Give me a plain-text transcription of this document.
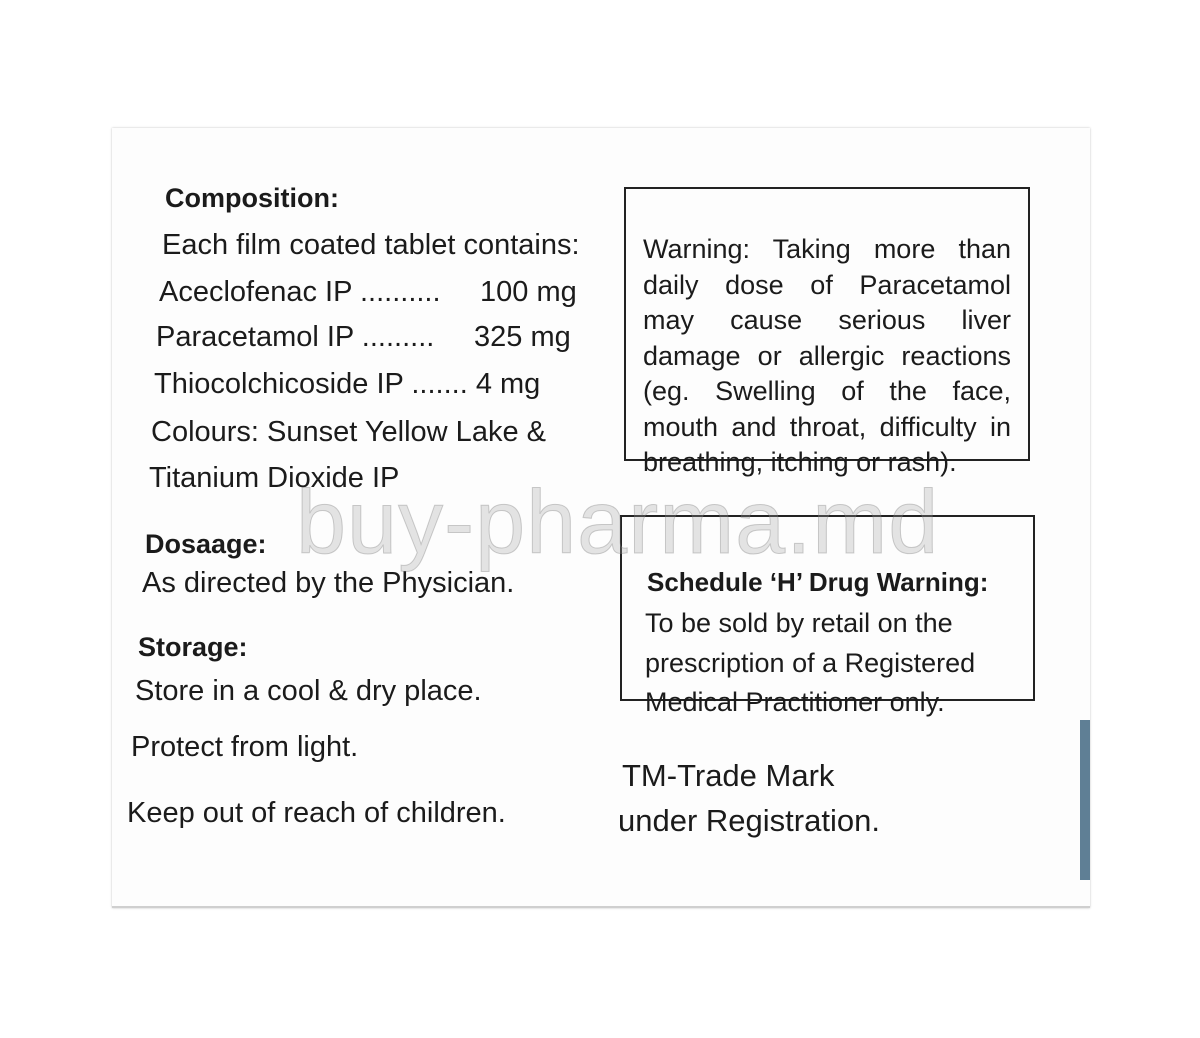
Composition:

Each film coated tablet contains:

Aceclofenac IP .......... 100 mg

Paracetamol IP ......... 325 mg

Thiocolchicoside IP ....... 4 mg

Colours: Sunset Yellow Lake &

Titanium Dioxide IP

Dosaage:

As directed by the Physician.

Storage:

Store in a cool & dry place.

Protect from light.

Keep out of reach of children.

Warning: Taking more than daily dose of Paracetamol may cause serious liver damage or allergic reactions (eg. Swelling of the face, mouth and throat, difficulty in breathing, itching or rash).

Schedule ‘H’ Drug Warning:

To be sold by retail on the

prescription of a Registered

Medical Practitioner only.

TM-Trade Mark

under Registration.

buy-pharma.md
